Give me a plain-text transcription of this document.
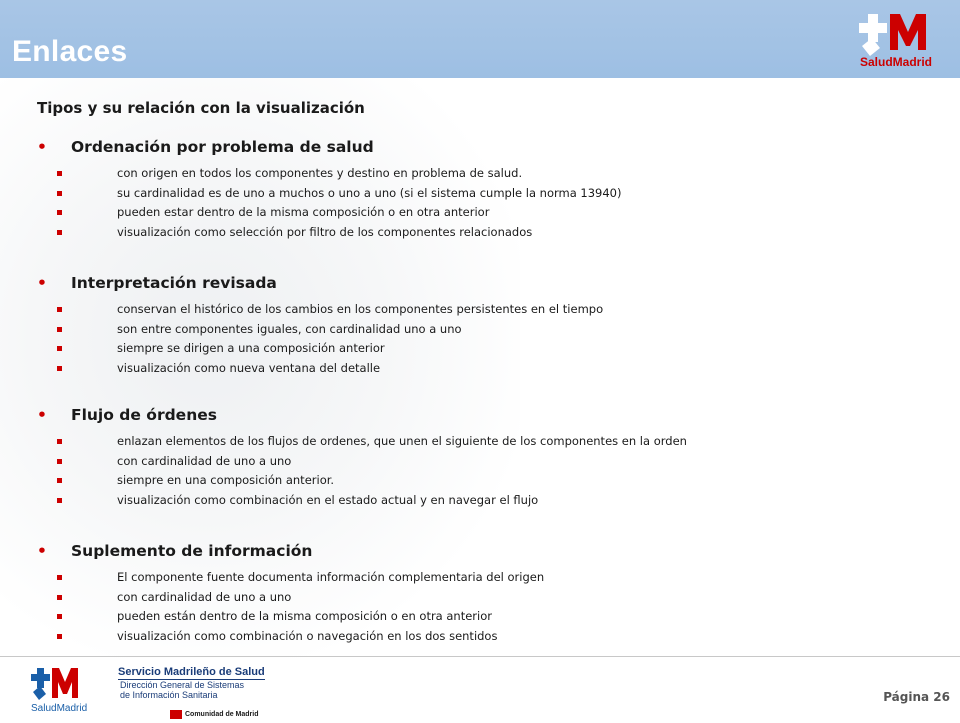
Enlaces	SaludMadrid
Tipos y su relación con la visualización
• Ordenación por problema de salud
con origen en todos los componentes y destino en problema de salud.
su cardinalidad es de uno a muchos o uno a uno (si el sistema cumple la norma 13940)
pueden estar dentro de la misma composición o en otra anterior
visualización como selección por filtro de los componentes relacionados
• Interpretación revisada
conservan el histórico de los cambios en los componentes persistentes en el tiempo
son entre componentes iguales, con cardinalidad uno a uno
siempre se dirigen a una composición anterior
visualización como nueva ventana del detalle
• Flujo de órdenes
enlazan elementos de los flujos de ordenes, que unen el siguiente de los componentes en la orden
con cardinalidad de uno a uno
siempre en una composición anterior.
visualización como combinación en el estado actual y en navegar el flujo
• Suplemento de información
El componente fuente documenta información complementaria del origen
con cardinalidad de uno a uno
pueden están dentro de la misma composición o en otra anterior
visualización como combinación o navegación en los dos sentidos
SaludMadrid
Servicio Madrileño de Salud
Dirección General de Sistemas
de Información Sanitaria
Comunidad de Madrid
Página 26
